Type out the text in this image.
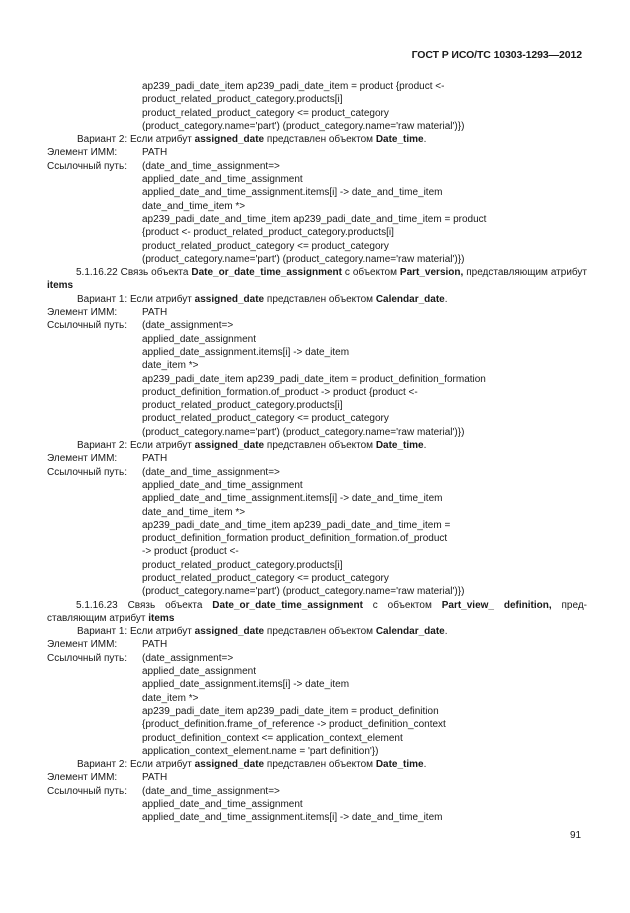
ГОСТ Р ИСО/ТС 10303-1293—2012
ap239_padi_date_item ap239_padi_date_item = product {product <-
product_related_product_category.products[i]
product_related_product_category <= product_category
(product_category.name='part') (product_category.name='raw material')})
Вариант 2: Если атрибут assigned_date представлен объектом Date_time.
Элемент ИММ: PATH
Ссылочный путь: (date_and_time_assignment=>
applied_date_and_time_assignment
applied_date_and_time_assignment.items[i] -> date_and_time_item
date_and_time_item *>
ap239_padi_date_and_time_item ap239_padi_date_and_time_item = product
{product <- product_related_product_category.products[i]
product_related_product_category <= product_category
(product_category.name='part') (product_category.name='raw material')})

5.1.16.22 Связь объекта Date_or_date_time_assignment с объектом Part_version, представляющим атрибут items

Вариант 1: Если атрибут assigned_date представлен объектом Calendar_date.
Элемент ИММ: PATH
Ссылочный путь: (date_assignment=>
applied_date_assignment
applied_date_assignment.items[i] -> date_item
date_item *>
ap239_padi_date_item ap239_padi_date_item = product_definition_formation
product_definition_formation.of_product -> product {product <-
product_related_product_category.products[i]
product_related_product_category <= product_category
(product_category.name='part') (product_category.name='raw material')})
Вариант 2: Если атрибут assigned_date представлен объектом Date_time.
Элемент ИММ: PATH
Ссылочный путь: (date_and_time_assignment=>
applied_date_and_time_assignment
applied_date_and_time_assignment.items[i] -> date_and_time_item
date_and_time_item *>
ap239_padi_date_and_time_item ap239_padi_date_and_time_item =
product_definition_formation product_definition_formation.of_product
-> product {product <-
product_related_product_category.products[i]
product_related_product_category <= product_category
(product_category.name='part') (product_category.name='raw material')})

5.1.16.23 Связь объекта Date_or_date_time_assignment с объектом Part_view_ definition, пред-ставляющим атрибут items

Вариант 1: Если атрибут assigned_date представлен объектом Calendar_date.
Элемент ИММ: PATH
Ссылочный путь: (date_assignment=>
applied_date_assignment
applied_date_assignment.items[i] -> date_item
date_item *>
ap239_padi_date_item ap239_padi_date_item = product_definition
{product_definition.frame_of_reference -> product_definition_context
product_definition_context <= application_context_element
application_context_element.name = 'part definition'})
Вариант 2: Если атрибут assigned_date представлен объектом Date_time.
Элемент ИММ: PATH
Ссылочный путь: (date_and_time_assignment=>
applied_date_and_time_assignment
applied_date_and_time_assignment.items[i] -> date_and_time_item
91
